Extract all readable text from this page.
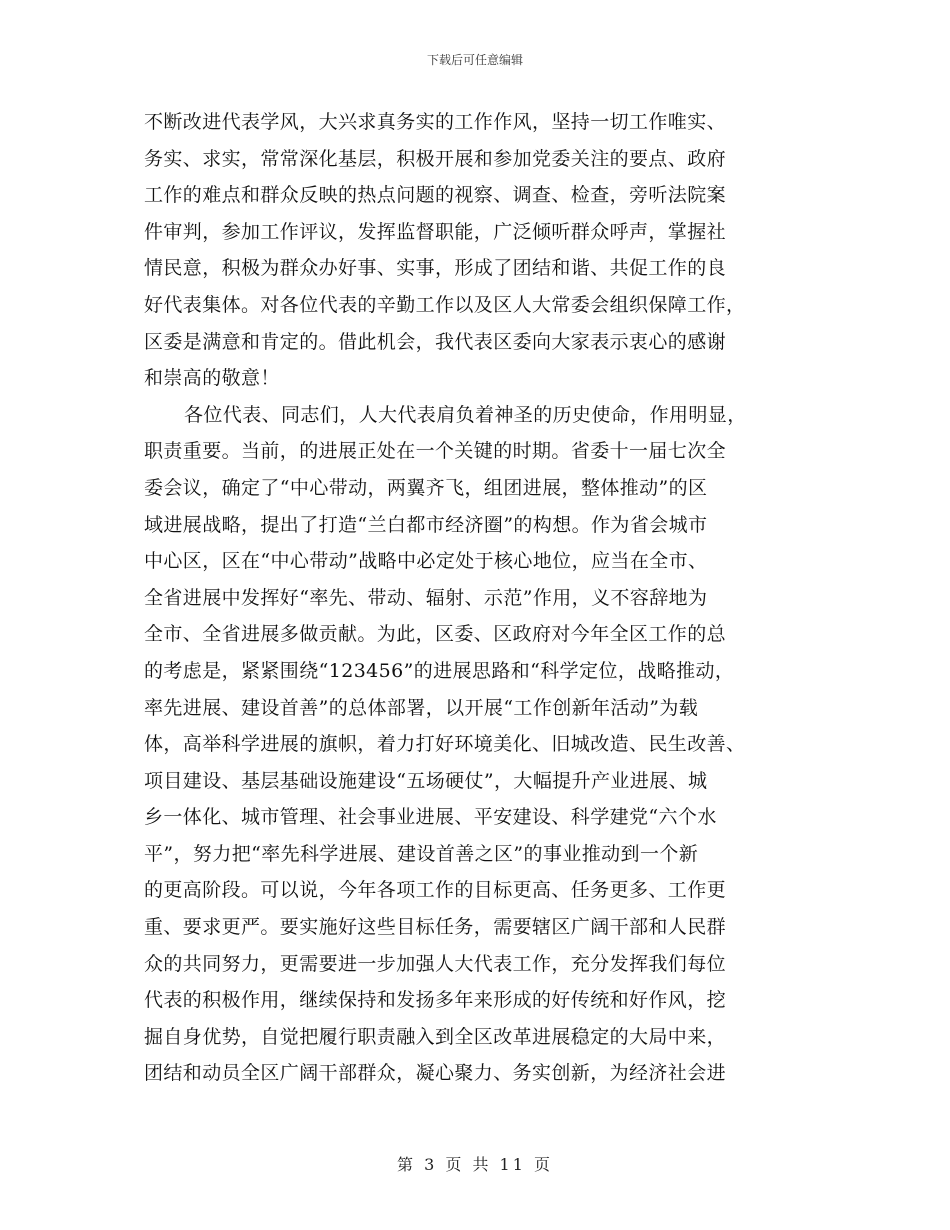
下载后可任意编辑
不断改进代表学风，大兴求真务实的工作作风，坚持一切工作唯实、
务实、求实，常常深化基层，积极开展和参加党委关注的要点、政府
工作的难点和群众反映的热点问题的视察、调查、检查，旁听法院案
件审判，参加工作评议，发挥监督职能，广泛倾听群众呼声，掌握社
情民意，积极为群众办好事、实事，形成了团结和谐、共促工作的良
好代表集体。对各位代表的辛勤工作以及区人大常委会组织保障工作，
区委是满意和肯定的。借此机会，我代表区委向大家表示衷心的感谢
和崇高的敬意！
各位代表、同志们，人大代表肩负着神圣的历史使命，作用明显，
职责重要。当前，的进展正处在一个关键的时期。省委十一届七次全
委会议，确定了“中心带动，两翼齐飞，组团进展，整体推动”的区
域进展战略，提出了打造“兰白都市经济圈”的构想。作为省会城市
中心区，区在“中心带动”战略中必定处于核心地位，应当在全市、
全省进展中发挥好“率先、带动、辐射、示范”作用，义不容辞地为
全市、全省进展多做贡献。为此，区委、区政府对今年全区工作的总
的考虑是，紧紧围绕“123456”的进展思路和“科学定位，战略推动，
率先进展、建设首善”的总体部署，以开展“工作创新年活动”为载
体，高举科学进展的旗帜，着力打好环境美化、旧城改造、民生改善、
项目建设、基层基础设施建设“五场硬仗”，大幅提升产业进展、城
乡一体化、城市管理、社会事业进展、平安建设、科学建党“六个水
平”，努力把“率先科学进展、建设首善之区”的事业推动到一个新
的更高阶段。可以说，今年各项工作的目标更高、任务更多、工作更
重、要求更严。要实施好这些目标任务，需要辖区广阔干部和人民群
众的共同努力，更需要进一步加强人大代表工作，充分发挥我们每位
代表的积极作用，继续保持和发扬多年来形成的好传统和好作风，挖
掘自身优势，自觉把履行职责融入到全区改革进展稳定的大局中来，
团结和动员全区广阔干部群众，凝心聚力、务实创新，为经济社会进
第 3 页 共 11 页
